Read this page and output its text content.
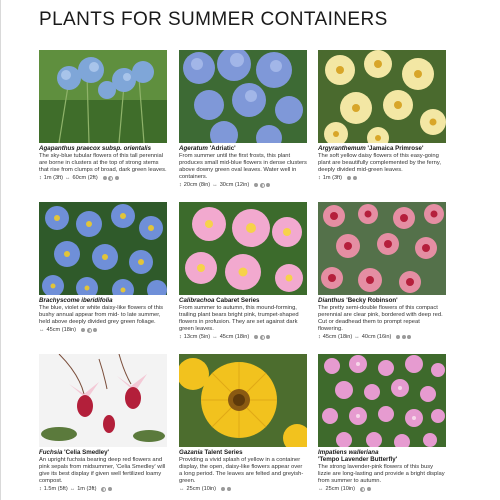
PLANTS FOR SUMMER CONTAINERS
Agapanthus praecox subsp. orientalis
The sky-blue tubular flowers of this tall perennial are borne in clusters at the top of strong stems that rise from clumps of broad, dark green leaves.
↕ 1m (3ft) ↔ 60cm (2ft)
Ageratum 'Adriatic'
From summer until the first frosts, this plant produces small mid-blue flowers in dense clusters above downy green oval leaves. Water well in containers.
↕ 20cm (8in) ↔ 30cm (12in)
Argyranthemum 'Jamaica Primrose'
The soft yellow daisy flowers of this easy-going plant are beautifully complemented by the ferny, deeply divided mid-green leaves.
↕ 1m (3ft)
Brachyscome iberidifolia
The blue, violet or white daisy-like flowers of this bushy annual appear from mid- to late summer, held above deeply divided grey green foliage.
↔ 45cm (18in)
Calibrachoa Cabaret Series
From summer to autumn, this mound-forming, trailing plant bears bright pink, trumpet-shaped flowers in profusion. They are set against dark green leaves.
↕ 13cm (5in) ↔ 45cm (18in)
Dianthus 'Becky Robinson'
The pretty semi-double flowers of this compact perennial are clear pink, bordered with deep red. Cut or deadhead them to prompt repeat flowering.
↕ 45cm (18in) ↔ 40cm (16in)
Fuchsia 'Celia Smedley'
An upright fuchsia bearing deep red flowers and pink sepals from midsummer, 'Celia Smedley' will give its best display if given well fertilized loamy compost.
↕ 1.5m (5ft) ↔ 1m (3ft)
Gazania Talent Series
Providing a vivid splash of yellow in a container display, the open, daisy-like flowers appear over a long period. The leaves are felted and greyish-green.
↔ 25cm (10in)
Impatiens walleriana
'Tempo Lavender Butterfly'
The strong lavender-pink flowers of this busy lizzie are long-lasting and provide a bright display from summer to autumn.
↔ 25cm (10in)
